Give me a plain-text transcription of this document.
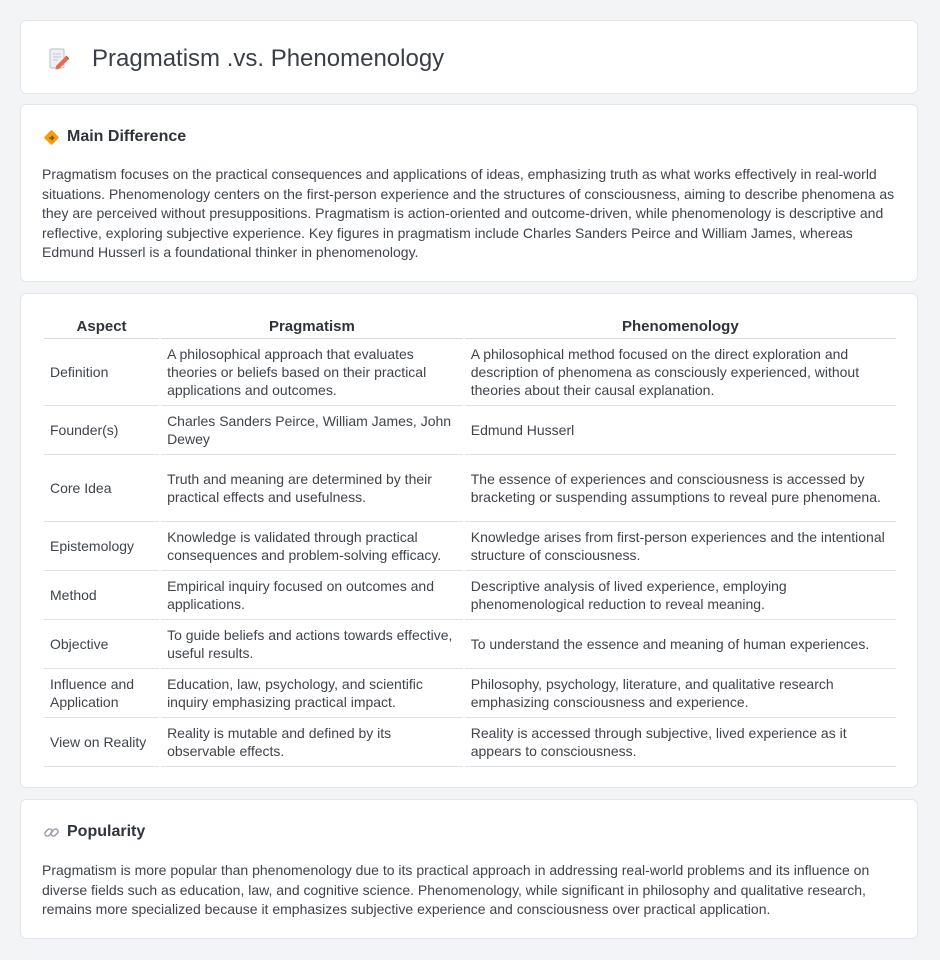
Pragmatism .vs. Phenomenology
Main Difference

Pragmatism focuses on the practical consequences and applications of ideas, emphasizing truth as what works effectively in real-world situations. Phenomenology centers on the first-person experience and the structures of consciousness, aiming to describe phenomena as they are perceived without presuppositions. Pragmatism is action-oriented and outcome-driven, while phenomenology is descriptive and reflective, exploring subjective experience. Key figures in pragmatism include Charles Sanders Peirce and William James, whereas Edmund Husserl is a foundational thinker in phenomenology.

Aspect	Pragmatism	Phenomenology
Definition	A philosophical approach that evaluates theories or beliefs based on their practical applications and outcomes.	A philosophical method focused on the direct exploration and description of phenomena as consciously experienced, without theories about their causal explanation.
Founder(s)	Charles Sanders Peirce, William James, John Dewey	Edmund Husserl
Core Idea	Truth and meaning are determined by their practical effects and usefulness.	The essence of experiences and consciousness is accessed by bracketing or suspending assumptions to reveal pure phenomena.
Epistemology	Knowledge is validated through practical consequences and problem-solving efficacy.	Knowledge arises from first-person experiences and the intentional structure of consciousness.
Method	Empirical inquiry focused on outcomes and applications.	Descriptive analysis of lived experience, employing phenomenological reduction to reveal meaning.
Objective	To guide beliefs and actions towards effective, useful results.	To understand the essence and meaning of human experiences.
Influence and Application	Education, law, psychology, and scientific inquiry emphasizing practical impact.	Philosophy, psychology, literature, and qualitative research emphasizing consciousness and experience.
View on Reality	Reality is mutable and defined by its observable effects.	Reality is accessed through subjective, lived experience as it appears to consciousness.
Popularity

Pragmatism is more popular than phenomenology due to its practical approach in addressing real-world problems and its influence on diverse fields such as education, law, and cognitive science. Phenomenology, while significant in philosophy and qualitative research, remains more specialized because it emphasizes subjective experience and consciousness over practical application.
